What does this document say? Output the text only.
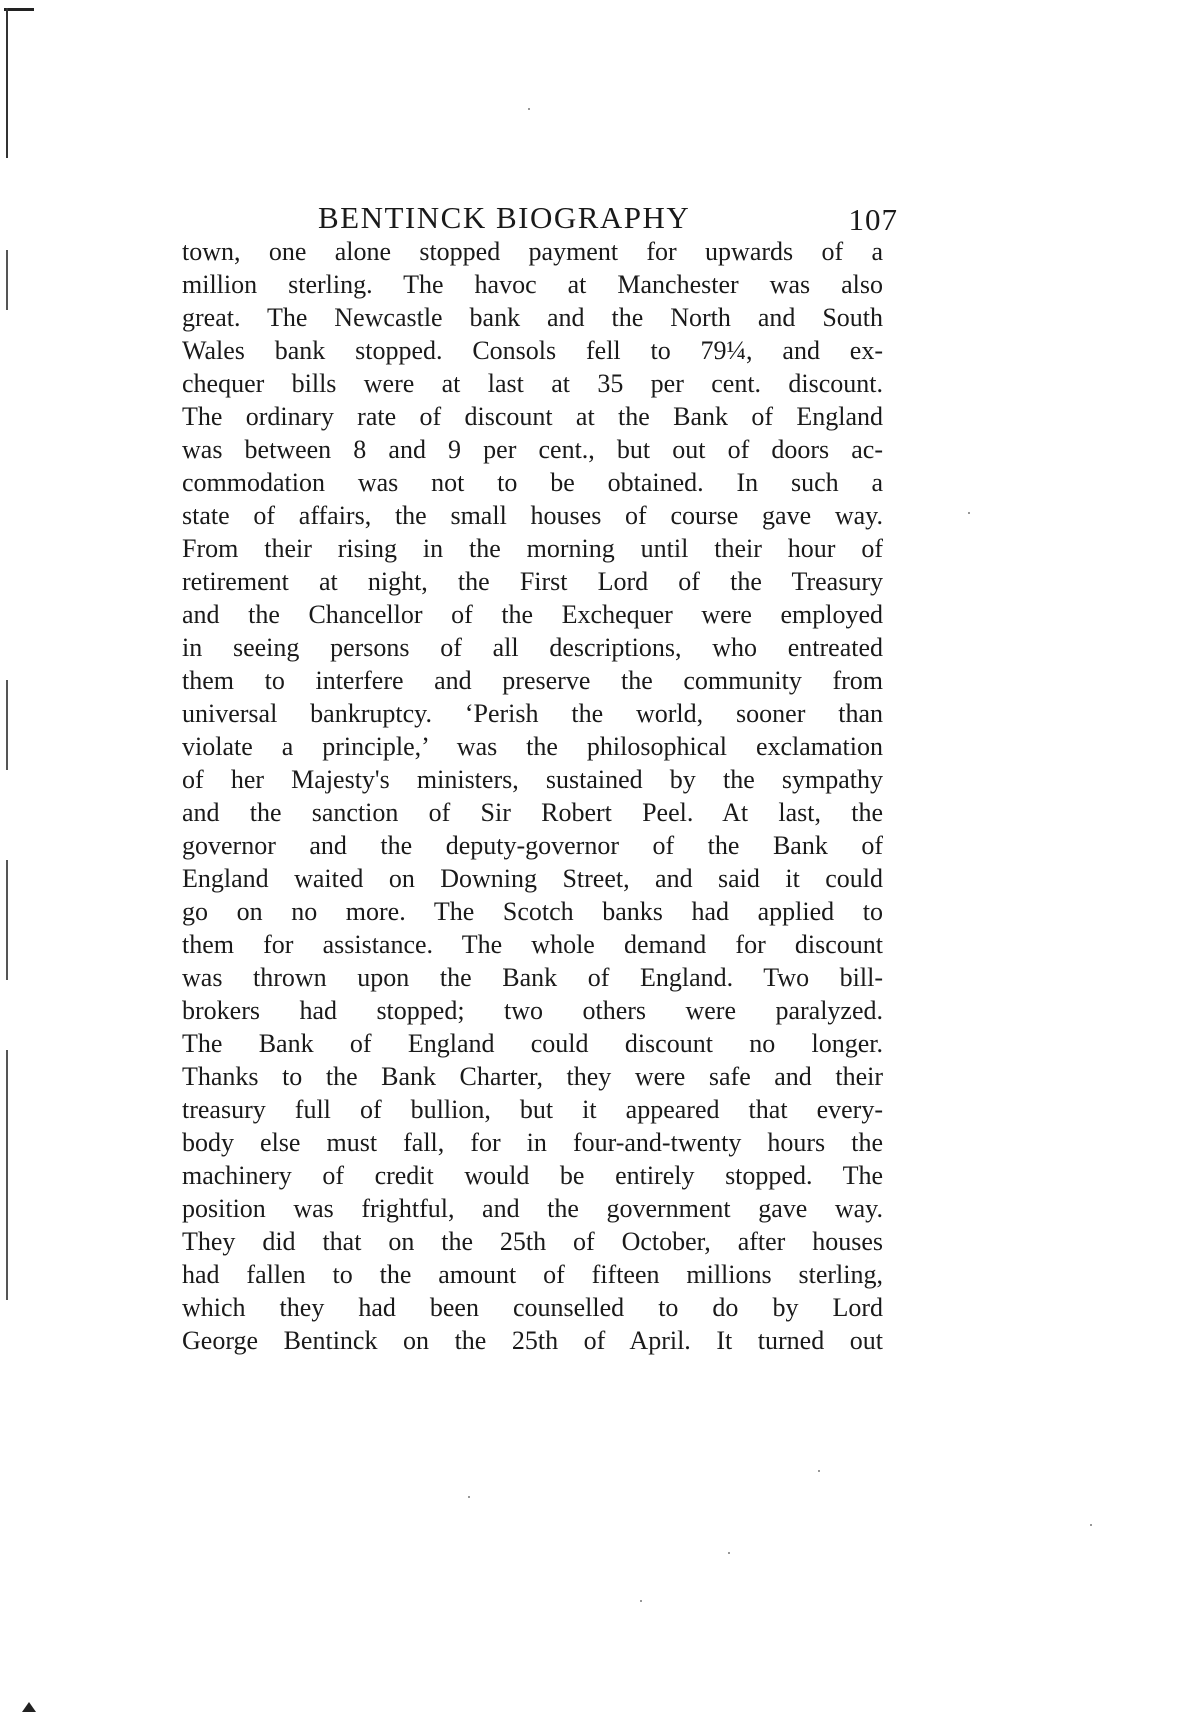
BENTINCK BIOGRAPHY	107
town, one alone stopped payment for upwards of a
million sterling. The havoc at Manchester was also
great. The Newcastle bank and the North and South
Wales bank stopped. Consols fell to 79¼, and ex-
chequer bills were at last at 35 per cent. discount.
The ordinary rate of discount at the Bank of England
was between 8 and 9 per cent., but out of doors ac-
commodation was not to be obtained. In such a
state of affairs, the small houses of course gave way.
From their rising in the morning until their hour of
retirement at night, the First Lord of the Treasury
and the Chancellor of the Exchequer were employed
in seeing persons of all descriptions, who entreated
them to interfere and preserve the community from
universal bankruptcy. ‘Perish the world, sooner than
violate a principle,’ was the philosophical exclamation
of her Majesty's ministers, sustained by the sympathy
and the sanction of Sir Robert Peel. At last, the
governor and the deputy-governor of the Bank of
England waited on Downing Street, and said it could
go on no more. The Scotch banks had applied to
them for assistance. The whole demand for discount
was thrown upon the Bank of England. Two bill-
brokers had stopped; two others were paralyzed.
The Bank of England could discount no longer.
Thanks to the Bank Charter, they were safe and their
treasury full of bullion, but it appeared that every-
body else must fall, for in four-and-twenty hours the
machinery of credit would be entirely stopped. The
position was frightful, and the government gave way.
They did that on the 25th of October, after houses
had fallen to the amount of fifteen millions sterling,
which they had been counselled to do by Lord
George Bentinck on the 25th of April. It turned out
